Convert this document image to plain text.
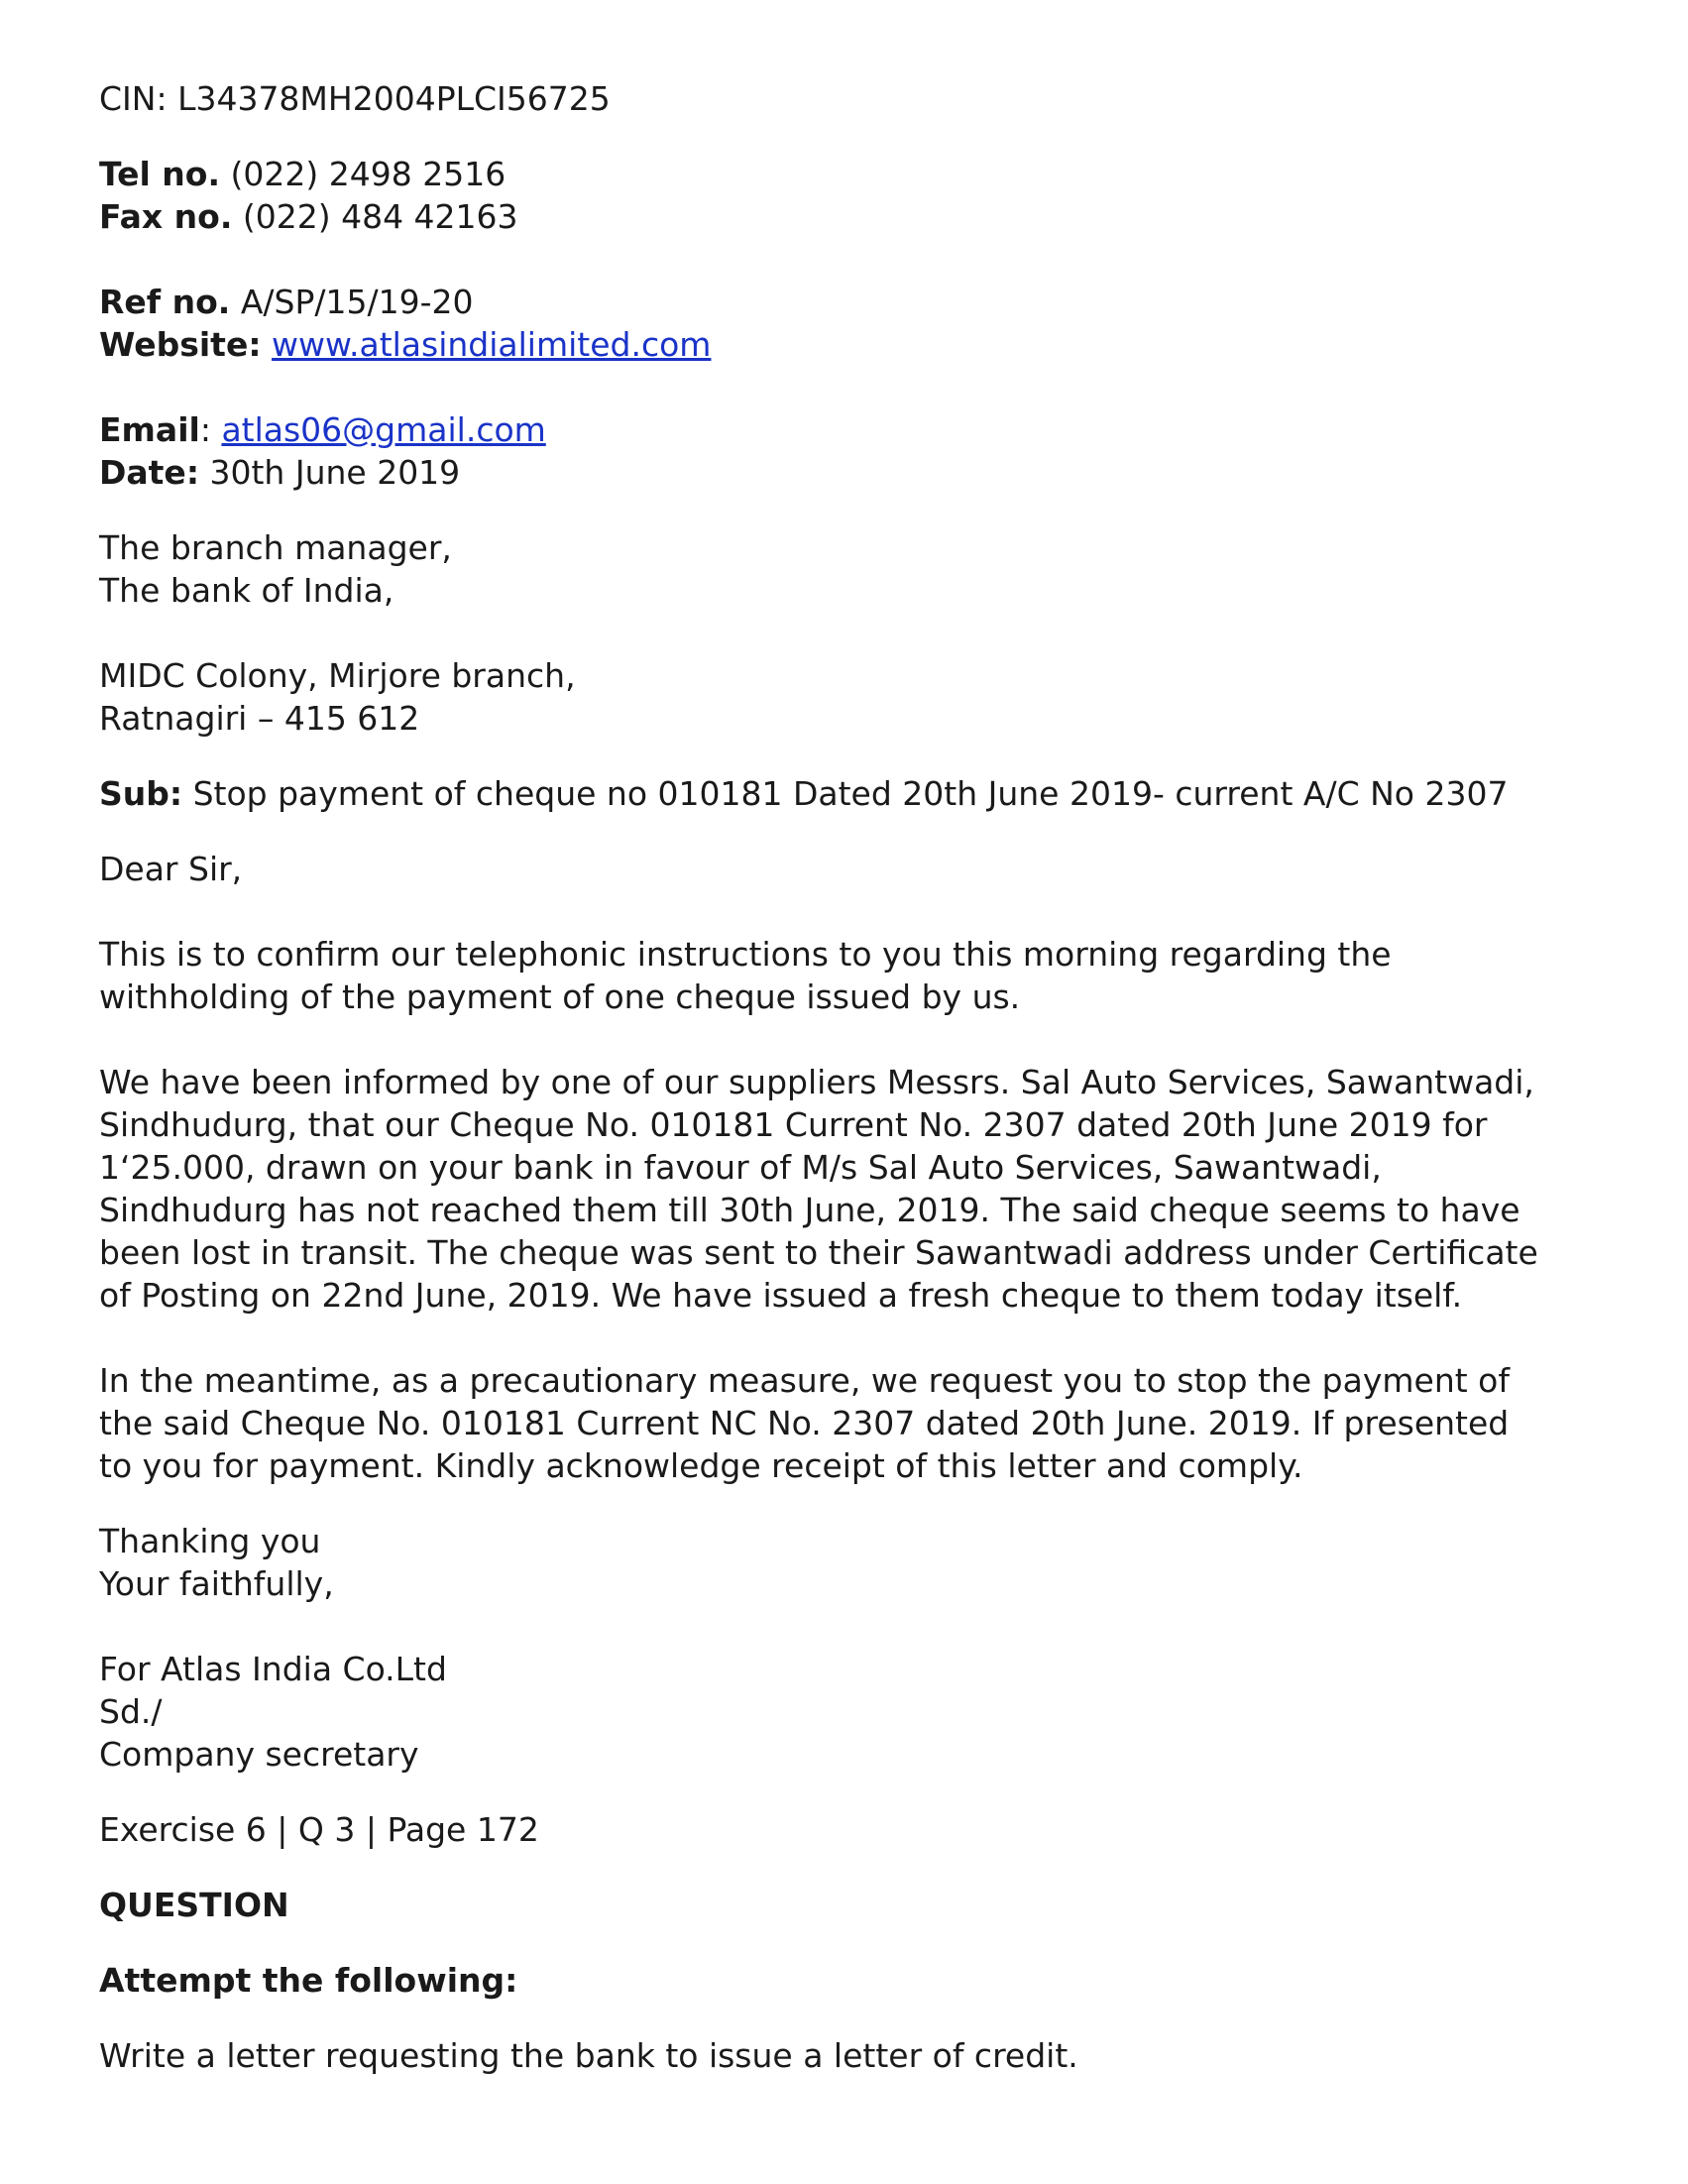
CIN: L34378MH2004PLCI56725
Tel no. (022) 2498 2516
Fax no. (022) 484 42163
Ref no. A/SP/15/19-20
Website: www.atlasindialimited.com
Email: atlas06@gmail.com
Date: 30th June 2019
The branch manager,
The bank of India,
MIDC Colony, Mirjore branch,
Ratnagiri – 415 612
Sub: Stop payment of cheque no 010181 Dated 20th June 2019- current A/C No 2307
Dear Sir,
This is to confirm our telephonic instructions to you this morning regarding the
withholding of the payment of one cheque issued by us.
We have been informed by one of our suppliers Messrs. Sal Auto Services, Sawantwadi,
Sindhudurg, that our Cheque No. 010181 Current No. 2307 dated 20th June 2019 for
1‘25.000, drawn on your bank in favour of M/s Sal Auto Services, Sawantwadi,
Sindhudurg has not reached them till 30th June, 2019. The said cheque seems to have
been lost in transit. The cheque was sent to their Sawantwadi address under Certificate
of Posting on 22nd June, 2019. We have issued a fresh cheque to them today itself.
In the meantime, as a precautionary measure, we request you to stop the payment of
the said Cheque No. 010181 Current NC No. 2307 dated 20th June. 2019. If presented
to you for payment. Kindly acknowledge receipt of this letter and comply.
Thanking you
Your faithfully,
For Atlas India Co.Ltd
Sd./
Company secretary
Exercise 6 | Q 3 | Page 172
QUESTION
Attempt the following:
Write a letter requesting the bank to issue a letter of credit.
